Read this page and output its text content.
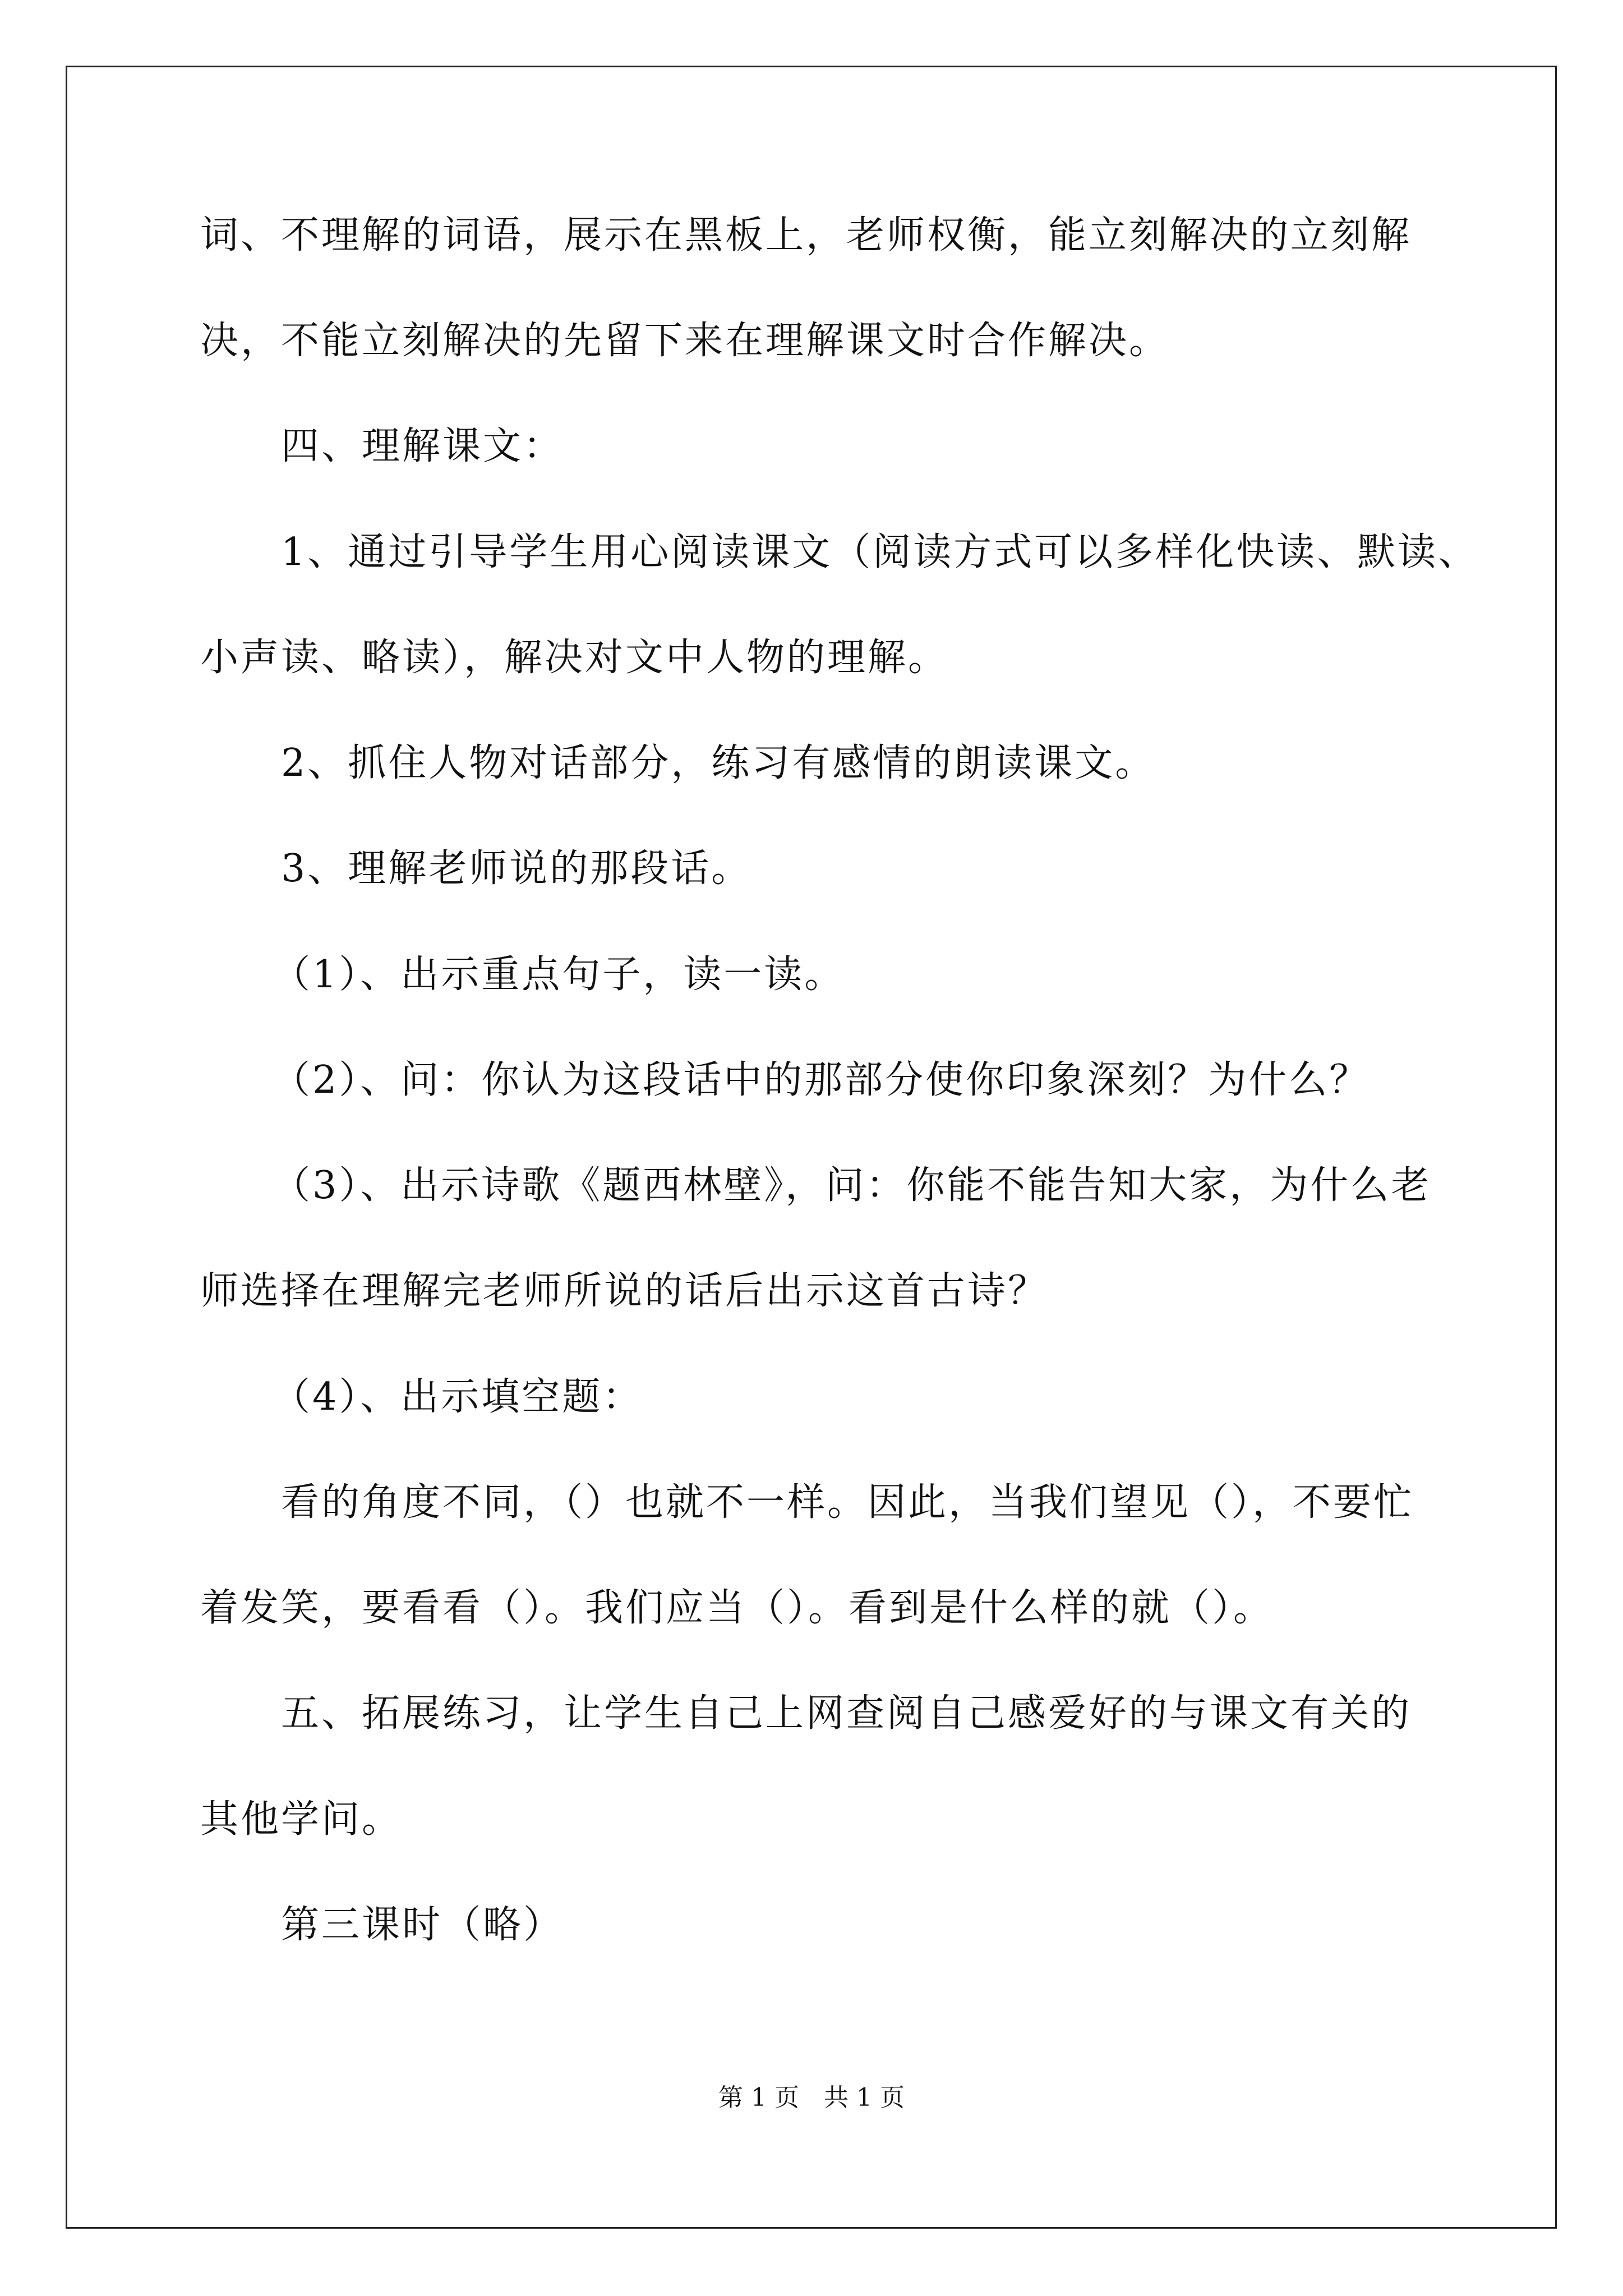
词、不理解的词语，展示在黑板上，老师权衡，能立刻解决的立刻解
决，不能立刻解决的先留下来在理解课文时合作解决。
四、理解课文：
1、通过引导学生用心阅读课文（阅读方式可以多样化快读、默读、
小声读、略读），解决对文中人物的理解。
2、抓住人物对话部分，练习有感情的朗读课文。
3、理解老师说的那段话。
（1）、出示重点句子，读一读。
（2）、问：你认为这段话中的那部分使你印象深刻？为什么？
（3）、出示诗歌《题西林壁》，问：你能不能告知大家，为什么老
师选择在理解完老师所说的话后出示这首古诗？
（4）、出示填空题：
看的角度不同，（）也就不一样。因此，当我们望见（），不要忙
着发笑，要看看（）。我们应当（）。看到是什么样的就（）。
五、拓展练习，让学生自己上网查阅自己感爱好的与课文有关的
其他学问。
第三课时（略）
第 1 页　共 1 页
